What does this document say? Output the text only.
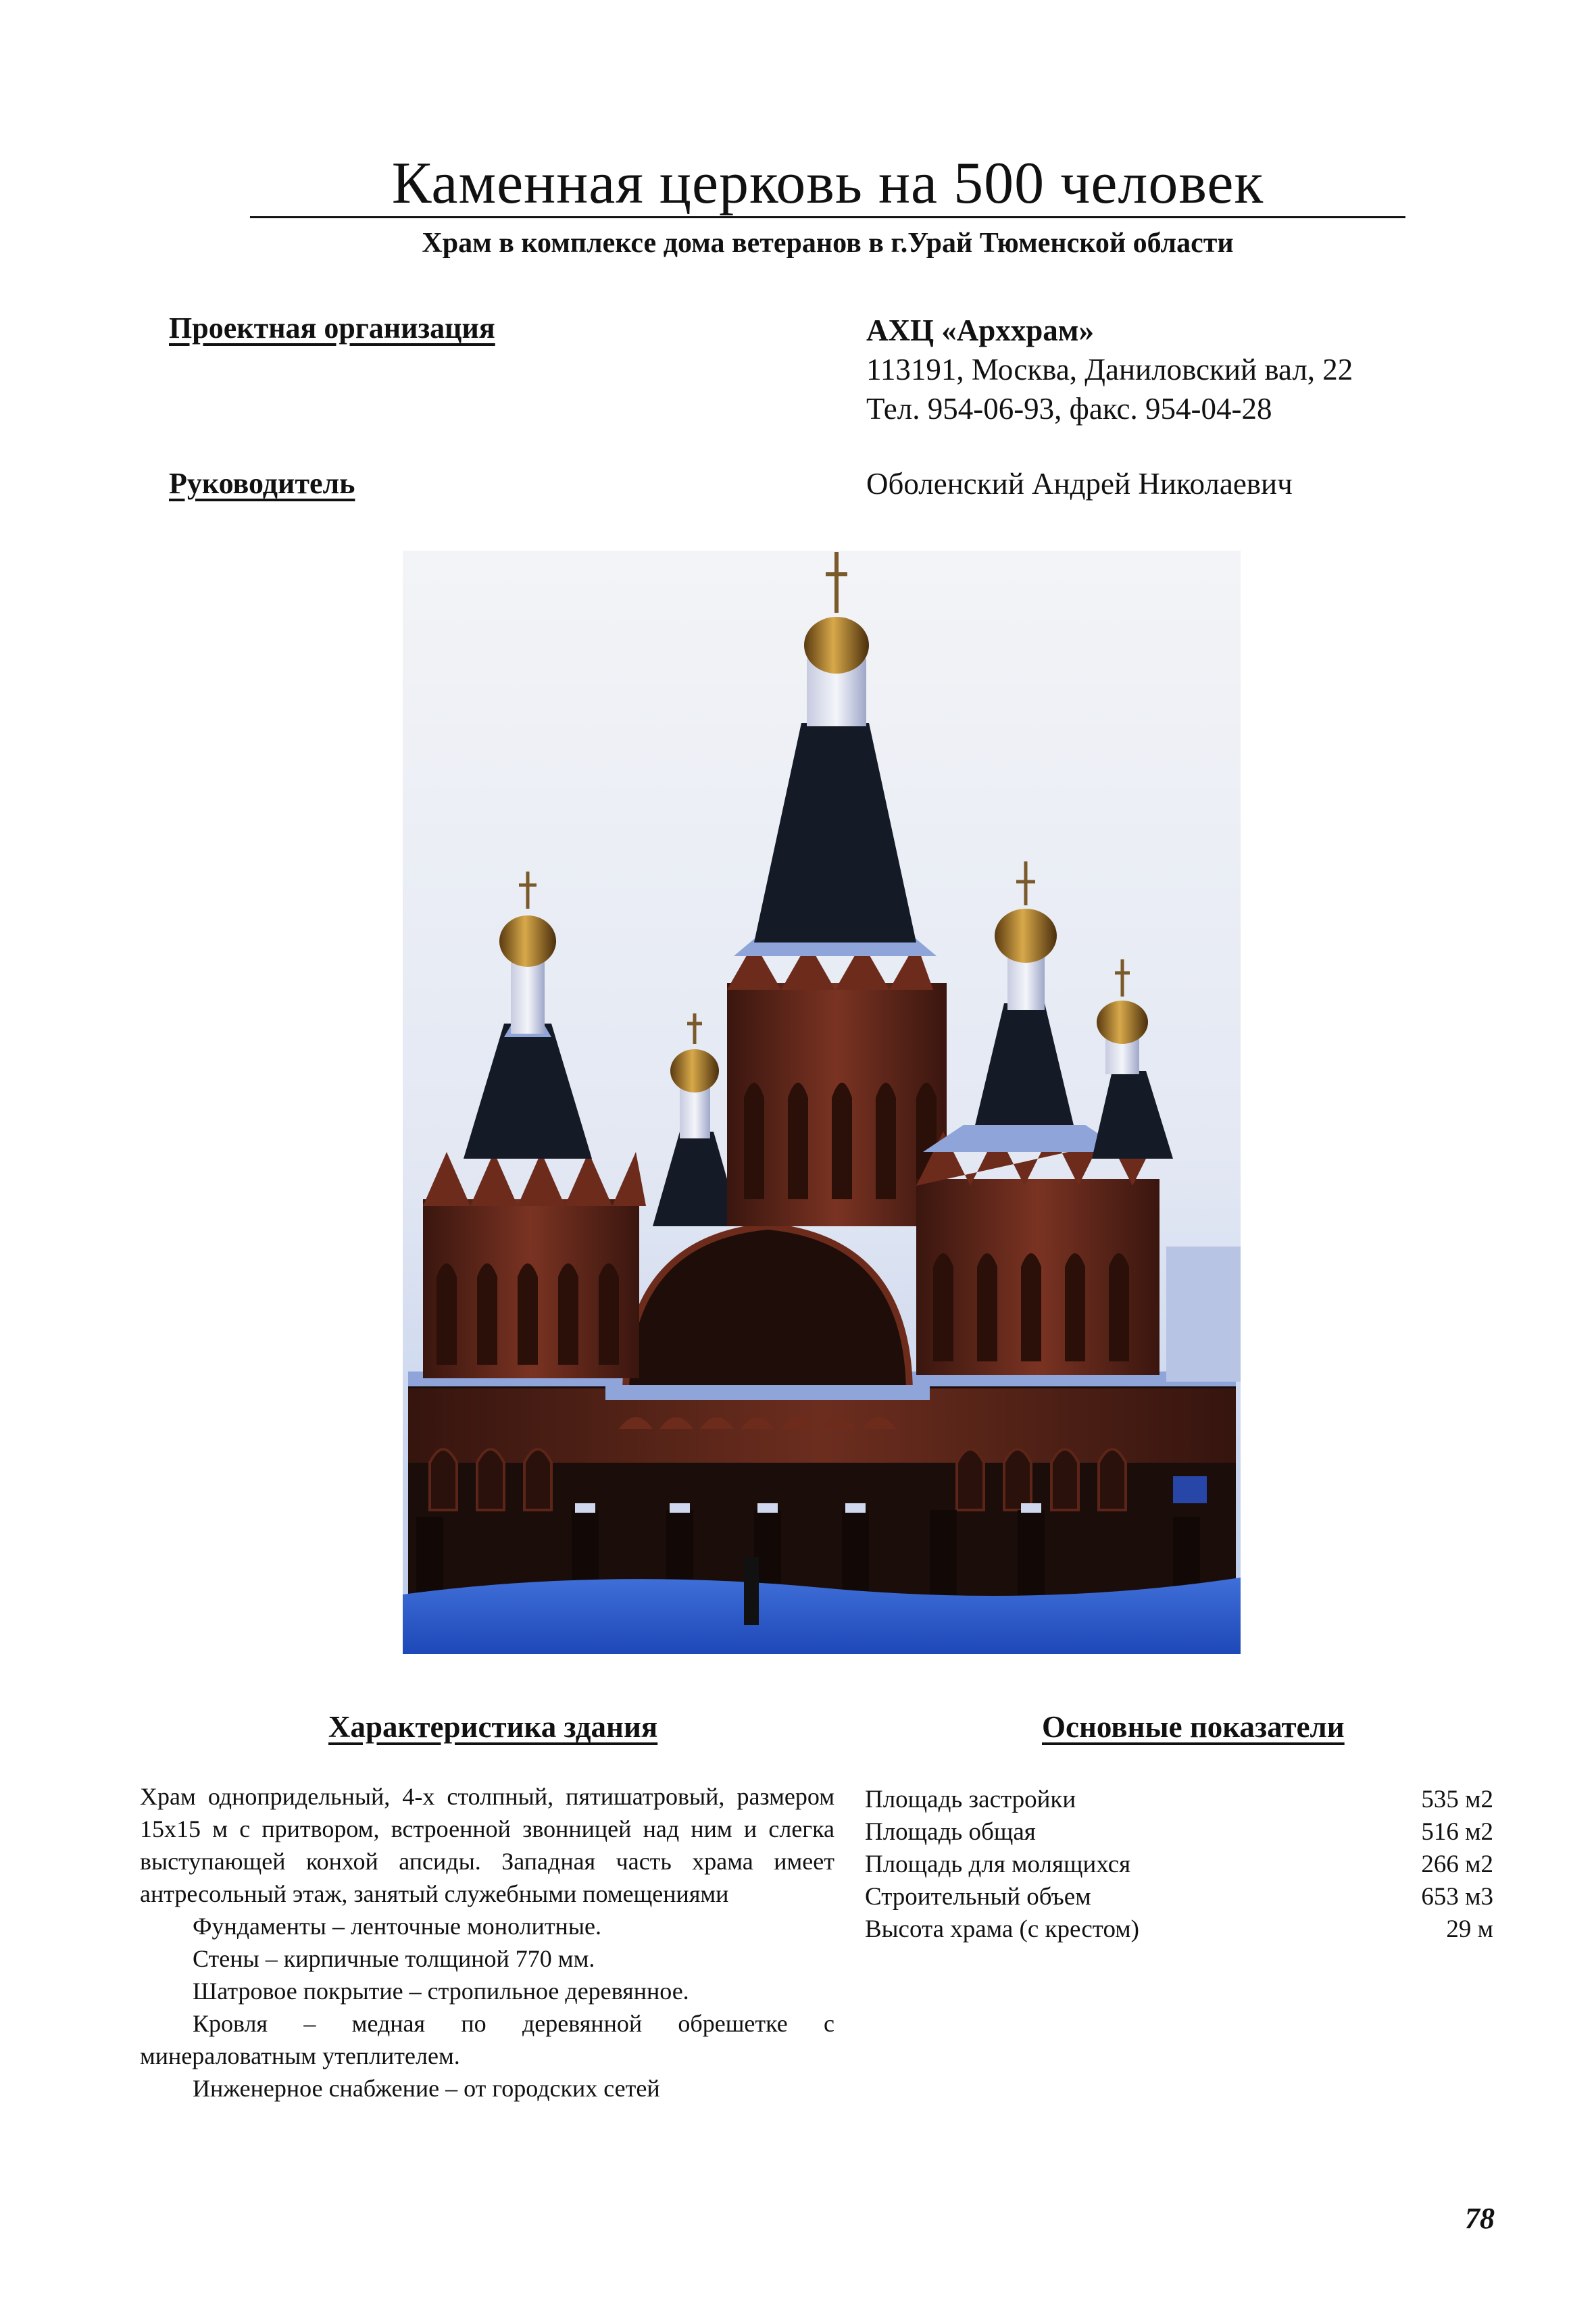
Каменная церковь на 500 человек
Храм в комплексе дома ветеранов в г.Урай Тюменской области
Проектная организация	АХЦ «Архxрам»
113191, Москва, Даниловский вал, 22
Тел. 954-06-93, факс. 954-04-28
Руководитель	Оболенский Андрей Николаевич
Характеристика здания	Основные показатели

Храм однопридельный, 4-х столпный, пятишатровый, размером 15х15 м с притвором, встроенной звонницей над ним и слегка выступающей конхой апсиды. Западная часть храма имеет антресольный этаж, занятый служебными помещениями

Фундаменты – ленточные монолитные.

Стены – кирпичные толщиной 770 мм.

Шатровое покрытие – стропильное деревянное.

Кровля – медная по деревянной обрешетке с минераловатным утеплителем.

Инженерное снабжение – от городских сетей

Площадь застройки	535 м2
Площадь общая	516 м2
Площадь для молящихся	266 м2
Строительный объем	653 м3
Высота храма (с крестом)	29 м
78
